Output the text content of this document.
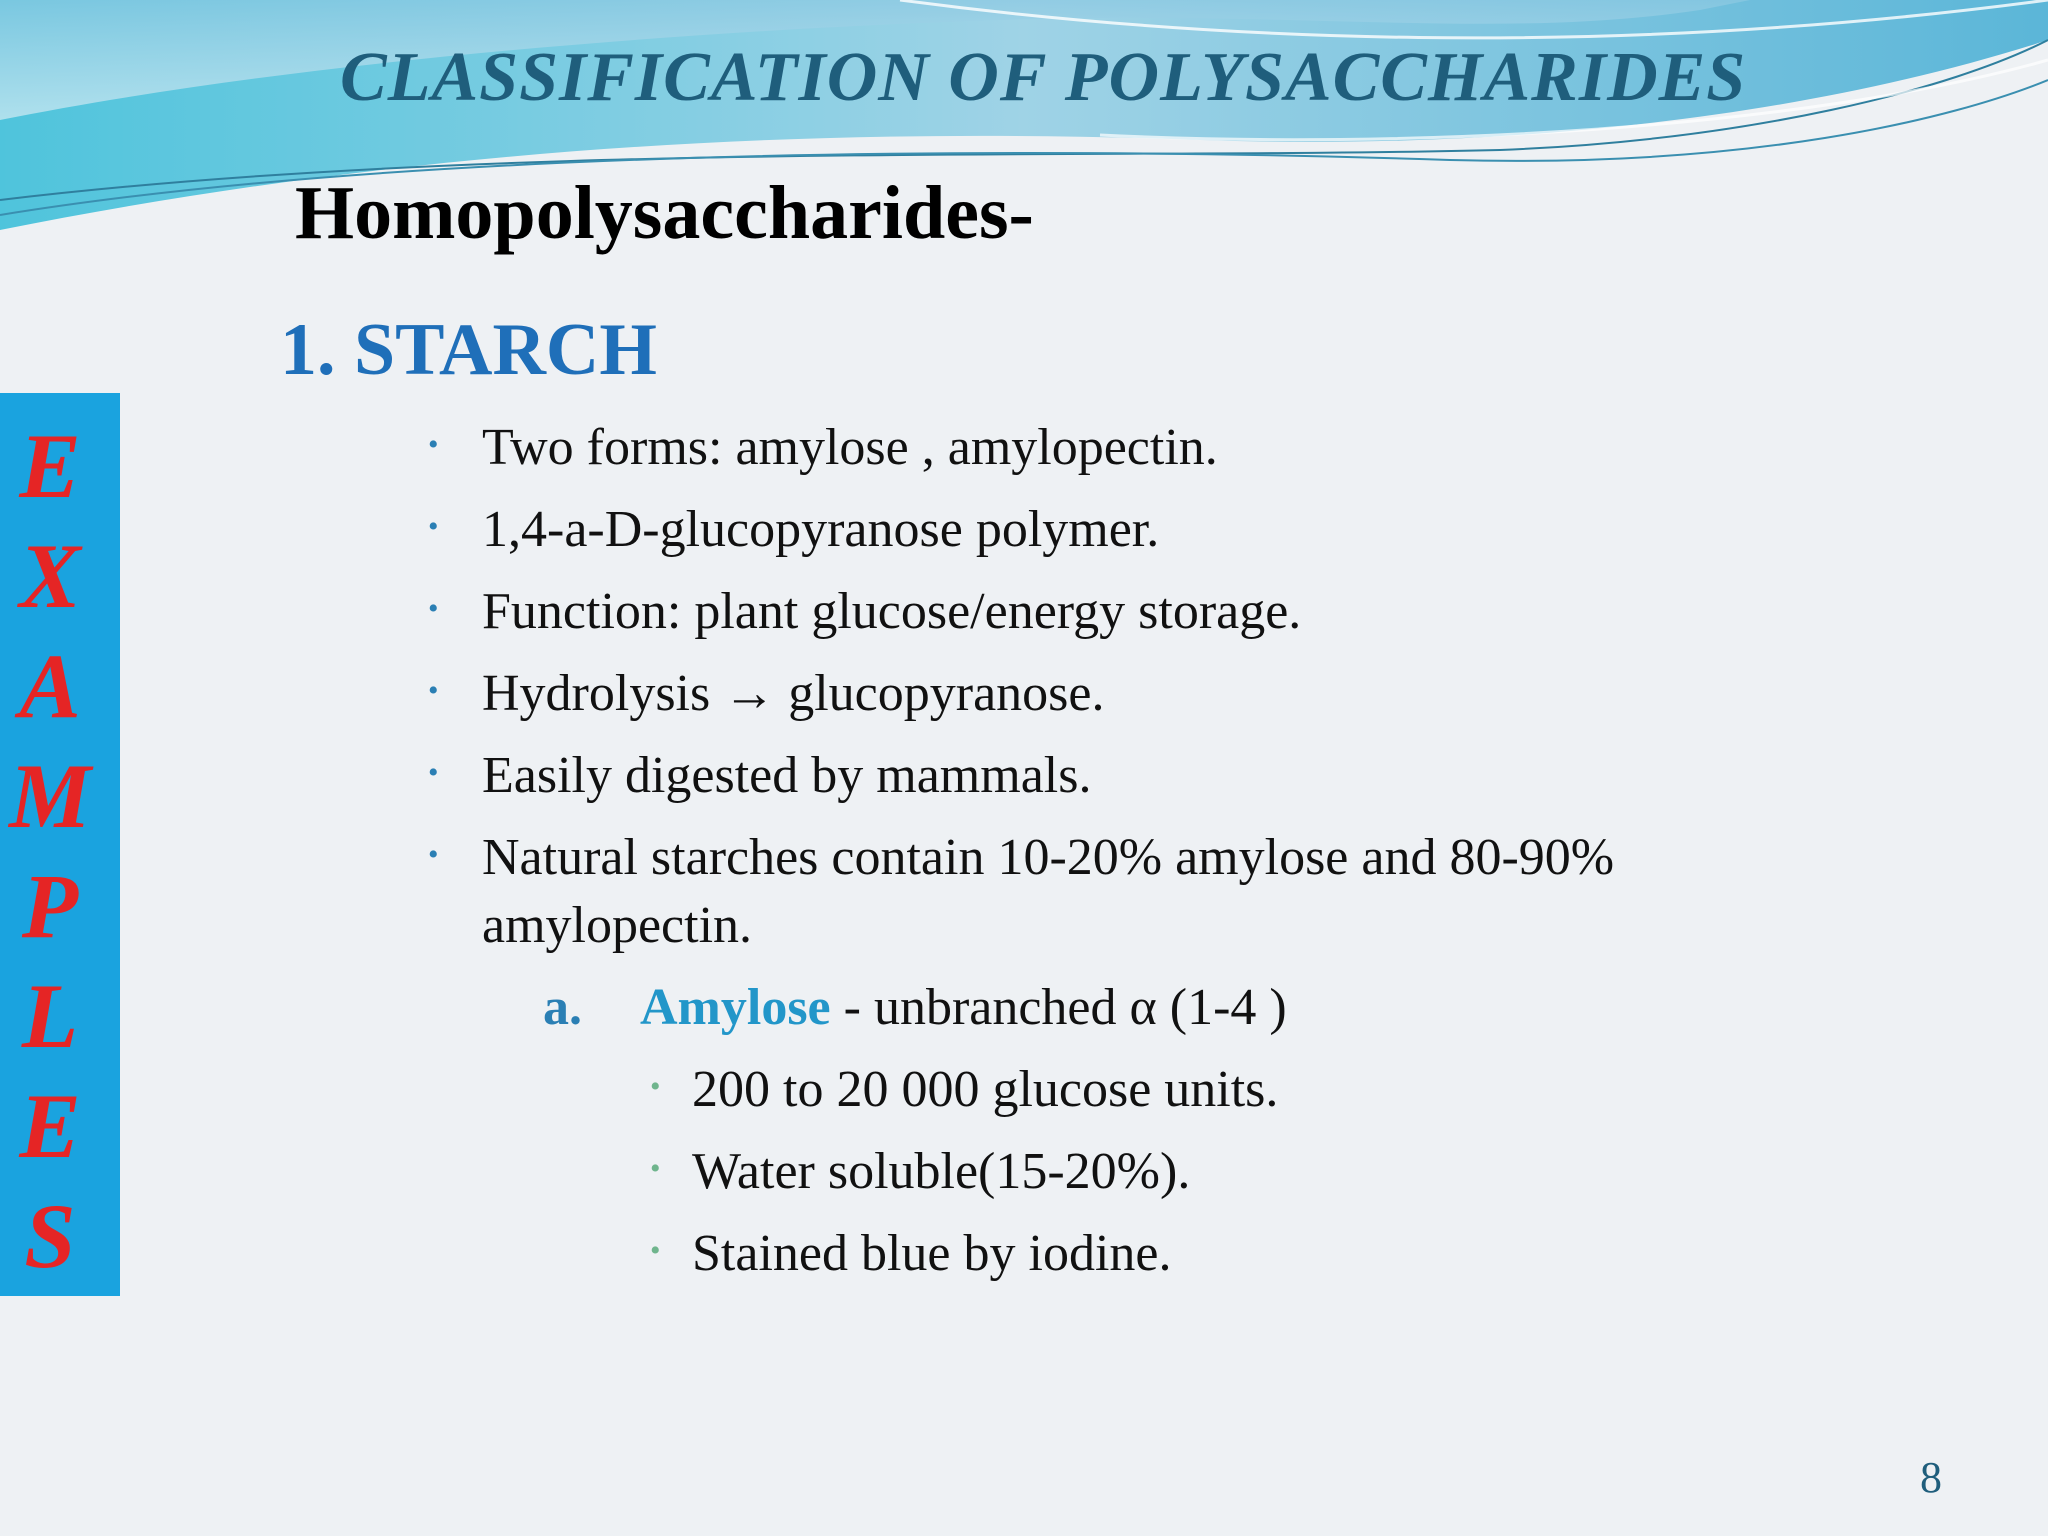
CLASSIFICATION OF POLYSACCHARIDES
Homopolysaccharides-
1. STARCH
E
X
A
M
P
L
E
S
• Two forms: amylose , amylopectin.
• 1,4-a-D-glucopyranose polymer.
• Function: plant glucose/energy storage.
• Hydrolysis → glucopyranose.
• Easily digested by mammals.
• Natural starches contain 10-20% amylose and 80-90%
amylopectin.
a. Amylose - unbranched α (1-4 )
• 200 to 20 000 glucose units.
• Water soluble(15-20%).
• Stained blue by iodine.
8
